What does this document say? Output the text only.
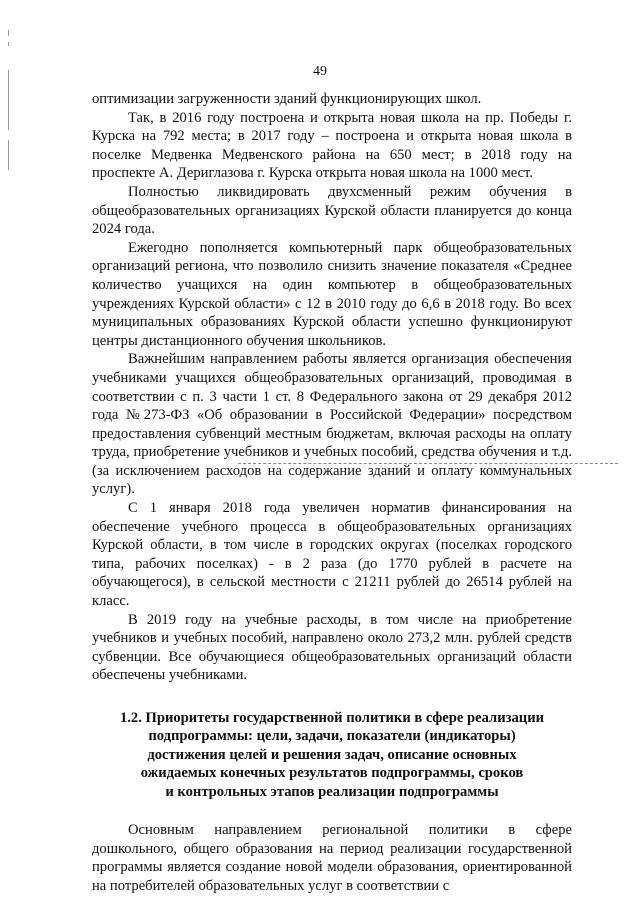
49

оптимизации загруженности зданий функционирующих школ.

Так, в 2016 году построена и открыта новая школа на пр. Победы г. Курска на 792 места; в 2017 году – построена и открыта новая школа в поселке Медвенка Медвенского района на 650 мест; в 2018 году на проспекте А. Дериглазова г. Курска открыта новая школа на 1000 мест.

Полностью ликвидировать двухсменный режим обучения в общеобразовательных организациях Курской области планируется до конца 2024 года.

Ежегодно пополняется компьютерный парк общеобразовательных организаций региона, что позволило снизить значение показателя «Среднее количество учащихся на один компьютер в общеобразовательных учреждениях Курской области» с 12 в 2010 году до 6,6 в 2018 году. Во всех муниципальных образованиях Курской области успешно функционируют центры дистанционного обучения школьников.

Важнейшим направлением работы является организация обеспечения учебниками учащихся общеобразовательных организаций, проводимая в соответствии с п. 3 части 1 ст. 8 Федерального закона от 29 декабря 2012 года №273-ФЗ «Об образовании в Российской Федерации» посредством предоставления субвенций местным бюджетам, включая расходы на оплату труда, приобретение учебников и учебных пособий, средства обучения и т.д. (за исключением расходов на содержание зданий и оплату коммунальных услуг).

С 1 января 2018 года увеличен норматив финансирования на обеспечение учебного процесса в общеобразовательных организациях Курской области, в том числе в городских округах (поселках городского типа, рабочих поселках) - в 2 раза (до 1770 рублей в расчете на обучающегося), в сельской местности с 21211 рублей до 26514 рублей на класс.

В 2019 году на учебные расходы, в том числе на приобретение учебников и учебных пособий, направлено около 273,2 млн. рублей средств субвенции. Все обучающиеся общеобразовательных организаций области обеспечены учебниками.

1.2. Приоритеты государственной политики в сфере реализации
подпрограммы: цели, задачи, показатели (индикаторы)
достижения целей и решения задач, описание основных
ожидаемых конечных результатов подпрограммы, сроков
и контрольных этапов реализации подпрограммы

Основным направлением региональной политики в сфере дошкольного, общего образования на период реализации государственной программы является создание новой модели образования, ориентированной на потребителей образовательных услуг в соответствии с
